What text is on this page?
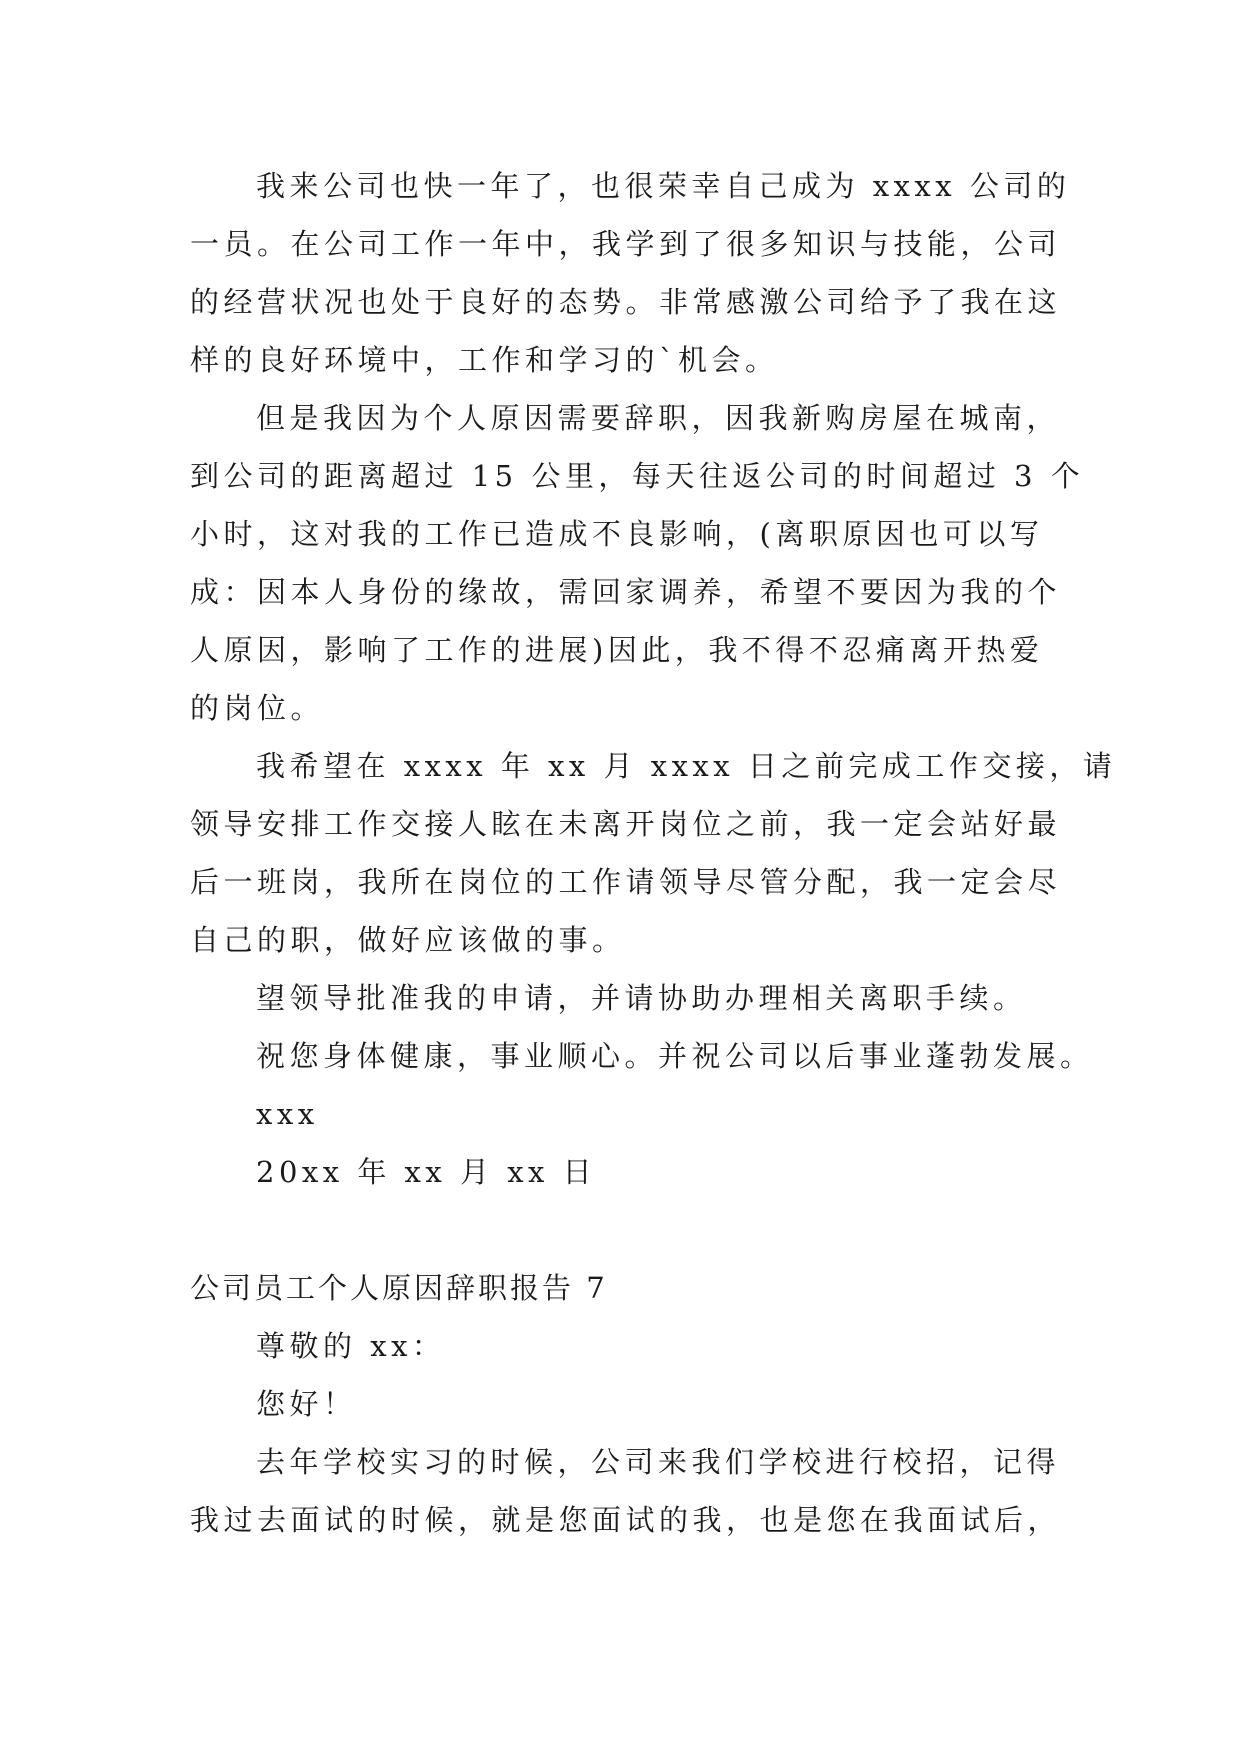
我来公司也快一年了，也很荣幸自己成为 xxxx 公司的
一员。在公司工作一年中，我学到了很多知识与技能，公司
的经营状况也处于良好的态势。非常感激公司给予了我在这
样的良好环境中，工作和学习的`机会。
但是我因为个人原因需要辞职，因我新购房屋在城南，
到公司的距离超过 15 公里，每天往返公司的时间超过 3 个
小时，这对我的工作已造成不良影响，(离职原因也可以写
成：因本人身份的缘故，需回家调养，希望不要因为我的个
人原因，影响了工作的进展)因此，我不得不忍痛离开热爱
的岗位。
我希望在 xxxx 年 xx 月 xxxx 日之前完成工作交接，请
领导安排工作交接人眩在未离开岗位之前，我一定会站好最
后一班岗，我所在岗位的工作请领导尽管分配，我一定会尽
自己的职，做好应该做的事。
望领导批准我的申请，并请协助办理相关离职手续。
祝您身体健康，事业顺心。并祝公司以后事业蓬勃发展。
xxx
20xx 年 xx 月 xx 日
公司员工个人原因辞职报告 7
尊敬的 xx：
您好！
去年学校实习的时候，公司来我们学校进行校招，记得
我过去面试的时候，就是您面试的我，也是您在我面试后，
